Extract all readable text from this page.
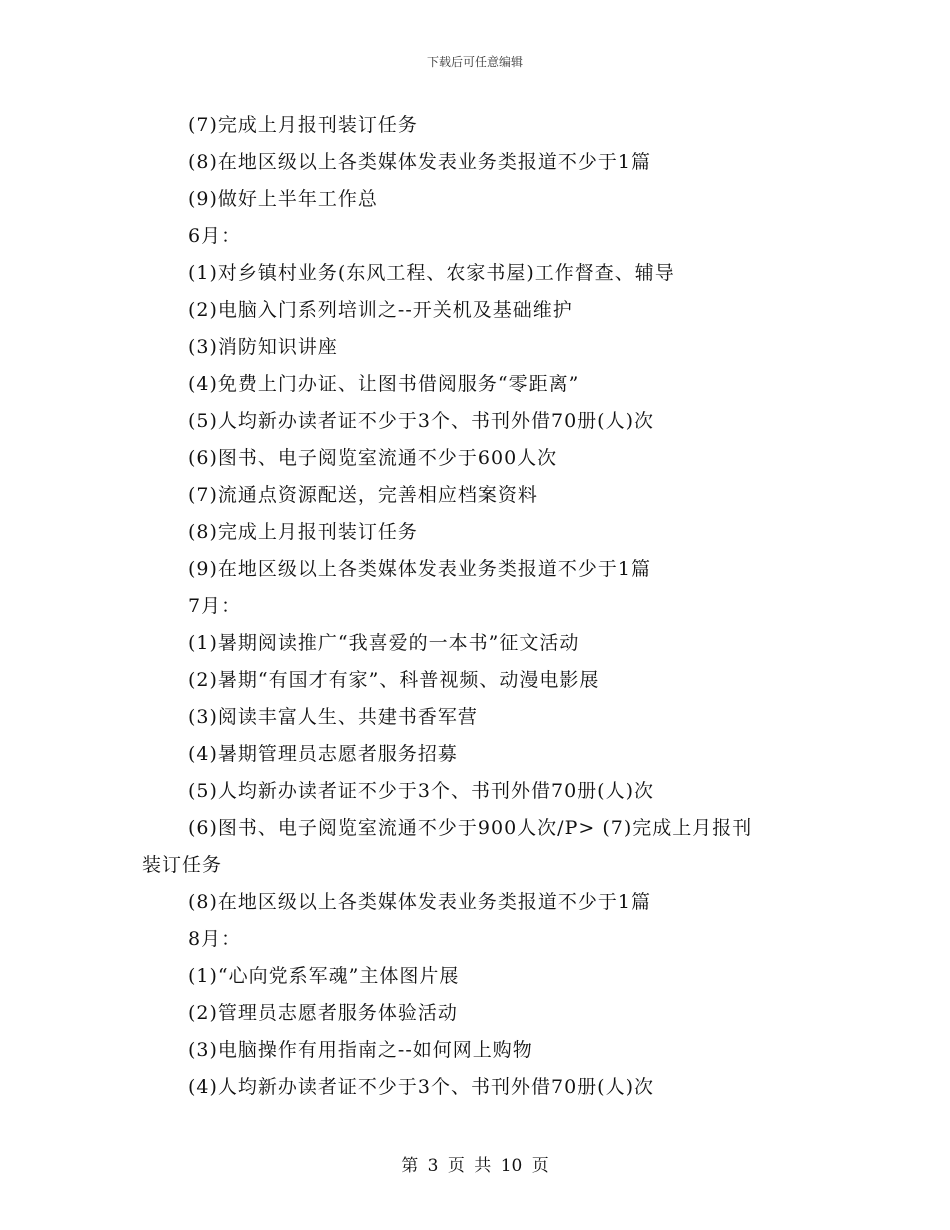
下载后可任意编辑
(7)完成上月报刊装订任务
(8)在地区级以上各类媒体发表业务类报道不少于1篇
(9)做好上半年工作总
6月：
(1)对乡镇村业务(东风工程、农家书屋)工作督查、辅导
(2)电脑入门系列培训之--开关机及基础维护
(3)消防知识讲座
(4)免费上门办证、让图书借阅服务“零距离”
(5)人均新办读者证不少于3个、书刊外借70册(人)次
(6)图书、电子阅览室流通不少于600人次
(7)流通点资源配送，完善相应档案资料
(8)完成上月报刊装订任务
(9)在地区级以上各类媒体发表业务类报道不少于1篇
7月：
(1)暑期阅读推广“我喜爱的一本书”征文活动
(2)暑期“有国才有家”、科普视频、动漫电影展
(3)阅读丰富人生、共建书香军营
(4)暑期管理员志愿者服务招募
(5)人均新办读者证不少于3个、书刊外借70册(人)次
(6)图书、电子阅览室流通不少于900人次/P> (7)完成上月报刊
装订任务
(8)在地区级以上各类媒体发表业务类报道不少于1篇
8月：
(1)“心向党系军魂”主体图片展
(2)管理员志愿者服务体验活动
(3)电脑操作有用指南之--如何网上购物
(4)人均新办读者证不少于3个、书刊外借70册(人)次
第 3 页 共 10 页
